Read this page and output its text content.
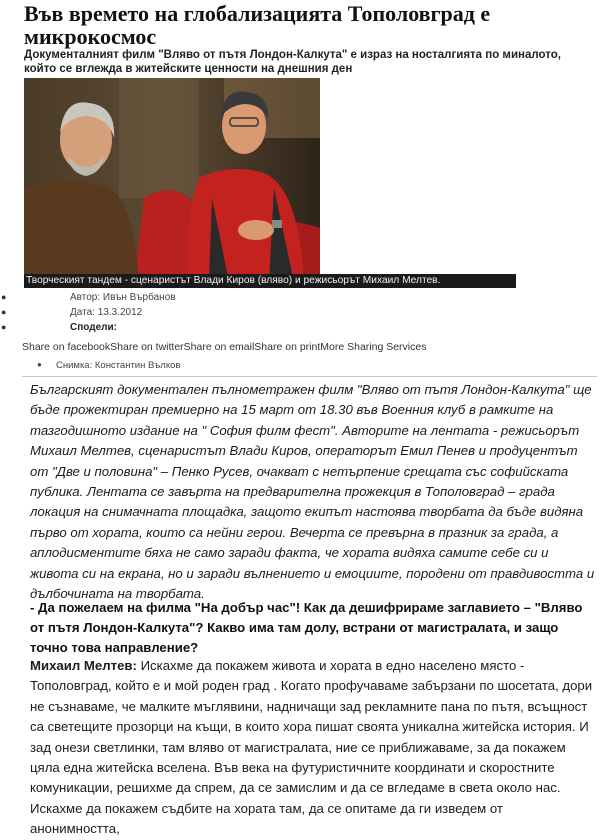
Във времето на глобализацията Тополовград е микрокосмос

Документалният филм "Вляво от пътя Лондон-Калкута" е израз на носталгията по миналото, който се вглежда в житейските ценности на днешния ден

Творческият тандем - сценаристът Влади Киров (вляво) и режисьорът Михаил Мелтев.
●	Автор: Ивън Върбанов
●	Дата: 13.3.2012
●	Сподели:
Share on facebookShare on twitterShare on emailShare on printMore Sharing Services
● Снимка: Константин Вълков

Българският документален пълнометражен филм "Вляво от пътя Лондон-Калкута" ще бъде прожектиран премиерно на 15 март от 18.30 във Военния клуб в рамките на тазгодишното издание на " София филм фест". Авторите на лентата - режисьорът Михаил Мелтев, сценаристът Влади Киров, операторът Емил Пенев и продуцентът от "Две и половина" – Пенко Русев, очакват с нетърпение срещата със софийската публика. Лентата се завърта на предварителна прожекция в Тополовград – града локация на снимачната площадка, защото екипът настоява творбата да бъде видяна първо от хората, които са нейни герои. Вечерта се превърна в празник за града, а аплодисментите бяха не само заради факта, че хората видяха самите себе си и живота си на екрана, но и заради вълнението и емоциите, породени от правдивостта и дълбочината на творбата.

- Да пожелаем на филма "На добър час"! Как да дешифрираме заглавието – "Вляво от пътя Лондон-Калкута"? Какво има там долу, встрани от магистралата, и защо точно това направление?

Михаил Мелтев: Искахме да покажем живота и хората в едно населено място - Тополовград, който е и мой роден град . Когато профучаваме забързани по шосетата, дори не съзнаваме, че малките мъглявини, надничащи зад рекламните пана по пътя, всъщност са светещите прозорци на къщи, в които хора пишат своята уникална житейска история. И зад онези светлинки, там вляво от магистралата, ние се приближаваме, за да покажем цяла една житейска вселена. Във века на футуристичните координати и скоростните комуникации, решихме да спрем, да се замислим и да се вгледаме в света около нас. Искахме да покажем съдбите на хората там, да се опитаме да ги изведем от анонимността,
